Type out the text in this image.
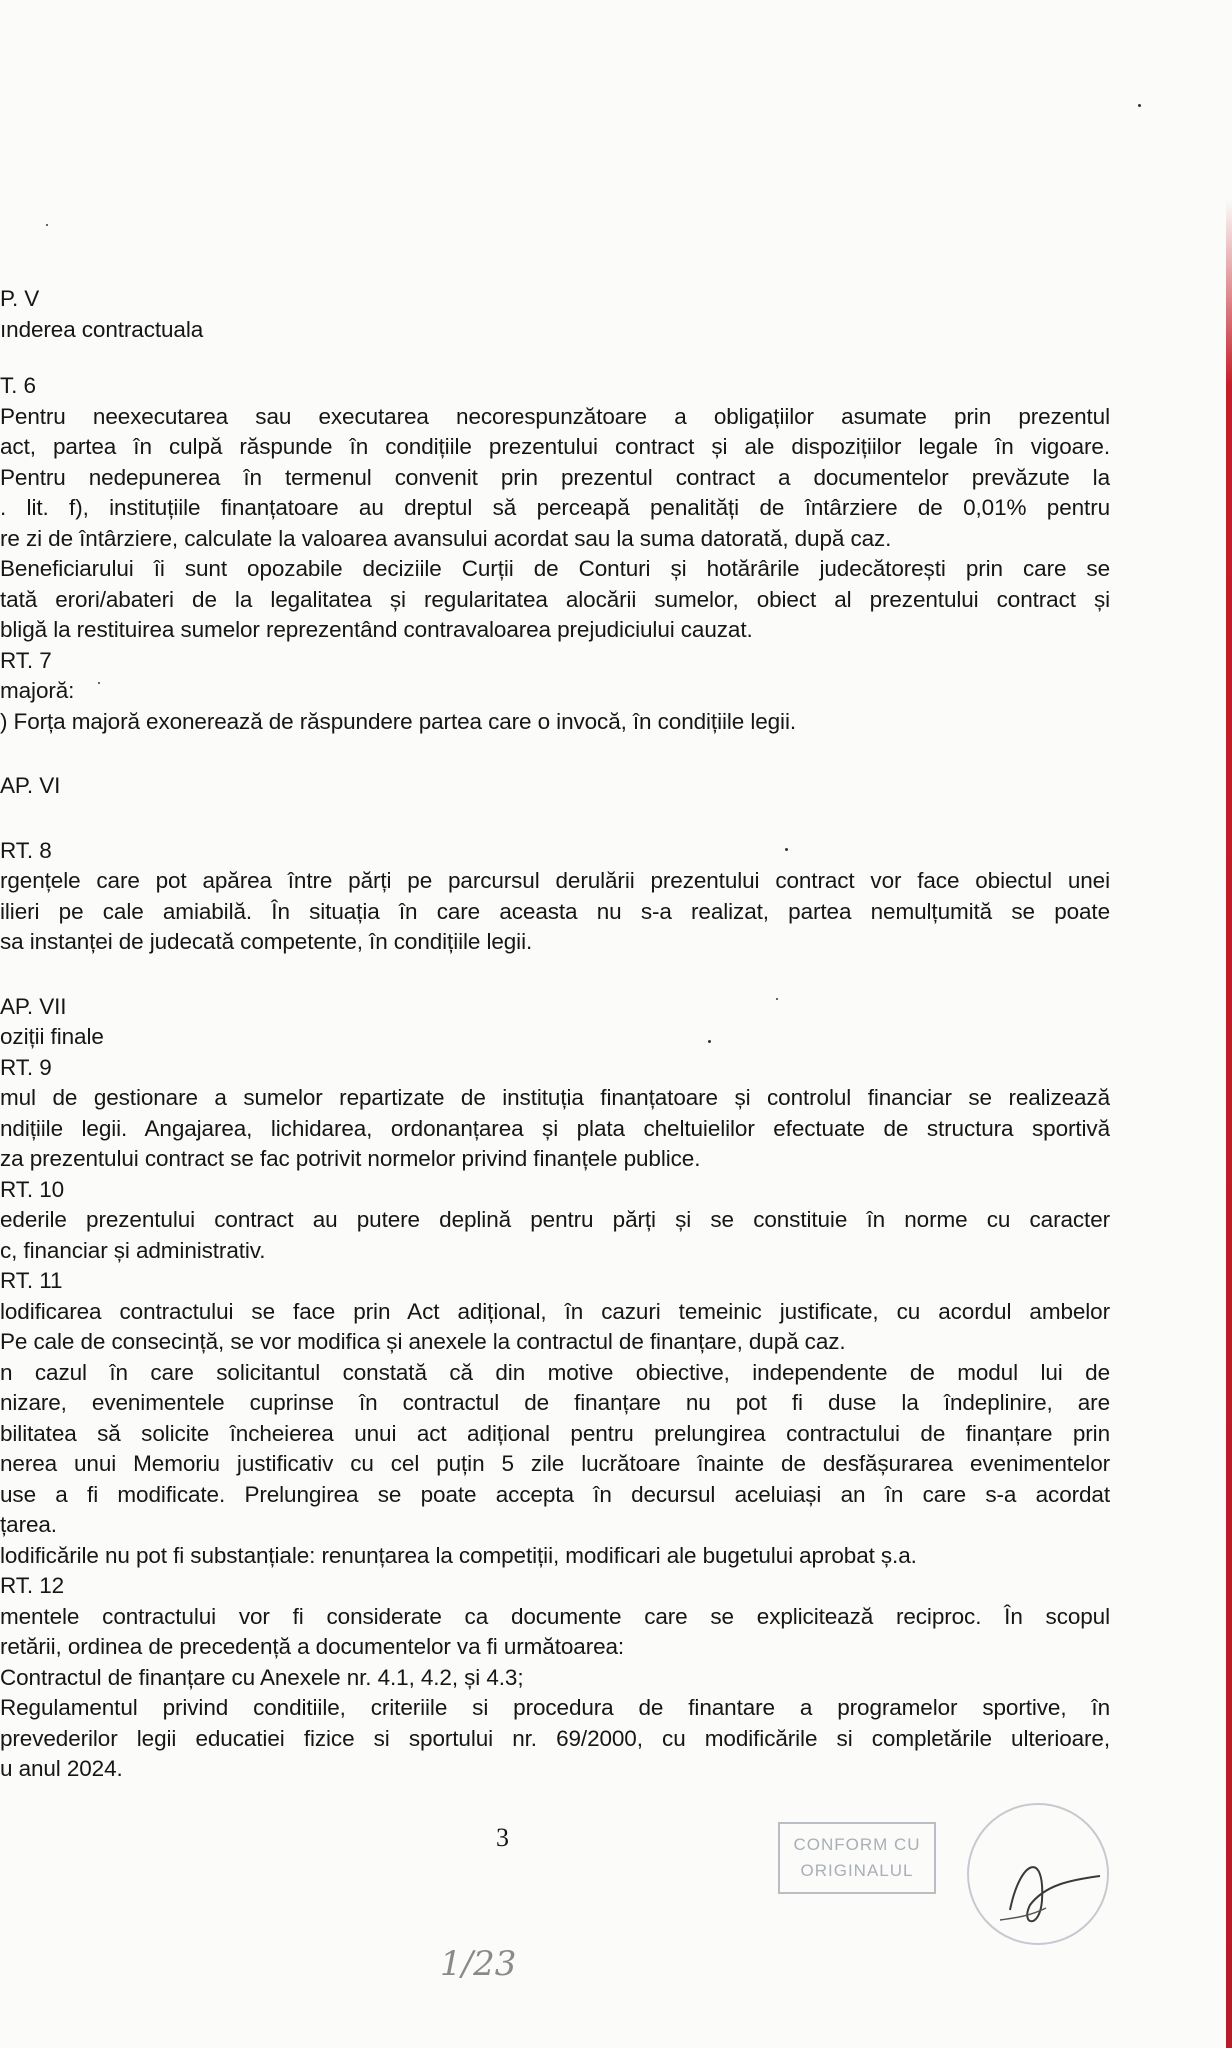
P. V
ınderea contractuala
T. 6
Pentru neexecutarea sau executarea necorespunzătoare a obligațiilor asumate prin prezentul
act, partea în culpă răspunde în condițiile prezentului contract și ale dispozițiilor legale în vigoare.
Pentru nedepunerea în termenul convenit prin prezentul contract a documentelor prevăzute la
. lit. f), instituțiile finanțatoare au dreptul să perceapă penalități de întârziere de 0,01% pentru
re zi de întârziere, calculate la valoarea avansului acordat sau la suma datorată, după caz.
Beneficiarului îi sunt opozabile deciziile Curții de Conturi și hotărârile judecătorești prin care se
tată erori/abateri de la legalitatea și regularitatea alocării sumelor, obiect al prezentului contract și
bligă la restituirea sumelor reprezentând contravaloarea prejudiciului cauzat.
RT. 7
majoră:
) Forța majoră exonerează de răspundere partea care o invocă, în condițiile legii.
AP. VI
RT. 8
rgențele care pot apărea între părți pe parcursul derulării prezentului contract vor face obiectul unei
ilieri pe cale amiabilă. În situația în care aceasta nu s-a realizat, partea nemulțumită se poate
sa instanței de judecată competente, în condițiile legii.
AP. VII
oziții finale
RT. 9
mul de gestionare a sumelor repartizate de instituția finanțatoare și controlul financiar se realizează
ndițiile legii. Angajarea, lichidarea, ordonanțarea și plata cheltuielilor efectuate de structura sportivă
za prezentului contract se fac potrivit normelor privind finanțele publice.
RT. 10
ederile prezentului contract au putere deplină pentru părți și se constituie în norme cu caracter
c, financiar și administrativ.
RT. 11
lodificarea contractului se face prin Act adițional, în cazuri temeinic justificate, cu acordul ambelor
Pe cale de consecință, se vor modifica și anexele la contractul de finanțare, după caz.
n cazul în care solicitantul constată că din motive obiective, independente de modul lui de
nizare, evenimentele cuprinse în contractul de finanțare nu pot fi duse la îndeplinire, are
bilitatea să solicite încheierea unui act adițional pentru prelungirea contractului de finanțare prin
nerea unui Memoriu justificativ cu cel puțin 5 zile lucrătoare înainte de desfășurarea evenimentelor
use a fi modificate. Prelungirea se poate accepta în decursul aceluiași an în care s-a acordat
țarea.
lodificările nu pot fi substanțiale: renunțarea la competiții, modificari ale bugetului aprobat ș.a.
RT. 12
mentele contractului vor fi considerate ca documente care se explicitează reciproc. În scopul
retării, ordinea de precedență a documentelor va fi următoarea:
Contractul de finanțare cu Anexele nr. 4.1, 4.2, și 4.3;
Regulamentul privind conditiile, criteriile si procedura de finantare a programelor sportive, în
prevederilor legii educatiei fizice si sportului nr. 69/2000, cu modificările si completările ulterioare,
u anul 2024.
3	CONFORM CU
ORIGINALUL
1/23
